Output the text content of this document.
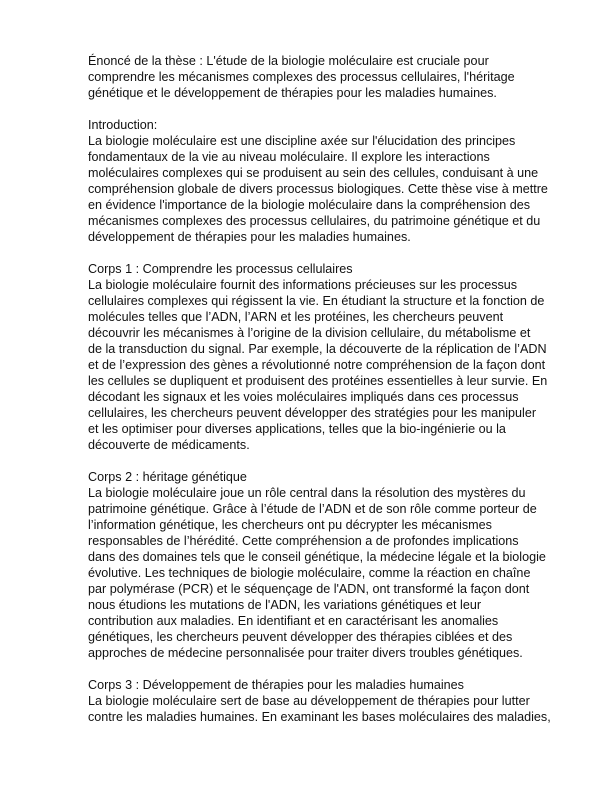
Énoncé de la thèse : L'étude de la biologie moléculaire est cruciale pour
comprendre les mécanismes complexes des processus cellulaires, l'héritage
génétique et le développement de thérapies pour les maladies humaines.
Introduction:
La biologie moléculaire est une discipline axée sur l'élucidation des principes
fondamentaux de la vie au niveau moléculaire. Il explore les interactions
moléculaires complexes qui se produisent au sein des cellules, conduisant à une
compréhension globale de divers processus biologiques. Cette thèse vise à mettre
en évidence l'importance de la biologie moléculaire dans la compréhension des
mécanismes complexes des processus cellulaires, du patrimoine génétique et du
développement de thérapies pour les maladies humaines.
Corps 1 : Comprendre les processus cellulaires
La biologie moléculaire fournit des informations précieuses sur les processus
cellulaires complexes qui régissent la vie. En étudiant la structure et la fonction de
molécules telles que l’ADN, l’ARN et les protéines, les chercheurs peuvent
découvrir les mécanismes à l’origine de la division cellulaire, du métabolisme et
de la transduction du signal. Par exemple, la découverte de la réplication de l’ADN
et de l’expression des gènes a révolutionné notre compréhension de la façon dont
les cellules se dupliquent et produisent des protéines essentielles à leur survie. En
décodant les signaux et les voies moléculaires impliqués dans ces processus
cellulaires, les chercheurs peuvent développer des stratégies pour les manipuler
et les optimiser pour diverses applications, telles que la bio-ingénierie ou la
découverte de médicaments.
Corps 2 : héritage génétique
La biologie moléculaire joue un rôle central dans la résolution des mystères du
patrimoine génétique. Grâce à l’étude de l’ADN et de son rôle comme porteur de
l’information génétique, les chercheurs ont pu décrypter les mécanismes
responsables de l’hérédité. Cette compréhension a de profondes implications
dans des domaines tels que le conseil génétique, la médecine légale et la biologie
évolutive. Les techniques de biologie moléculaire, comme la réaction en chaîne
par polymérase (PCR) et le séquençage de l'ADN, ont transformé la façon dont
nous étudions les mutations de l'ADN, les variations génétiques et leur
contribution aux maladies. En identifiant et en caractérisant les anomalies
génétiques, les chercheurs peuvent développer des thérapies ciblées et des
approches de médecine personnalisée pour traiter divers troubles génétiques.
Corps 3 : Développement de thérapies pour les maladies humaines
La biologie moléculaire sert de base au développement de thérapies pour lutter
contre les maladies humaines. En examinant les bases moléculaires des maladies,
